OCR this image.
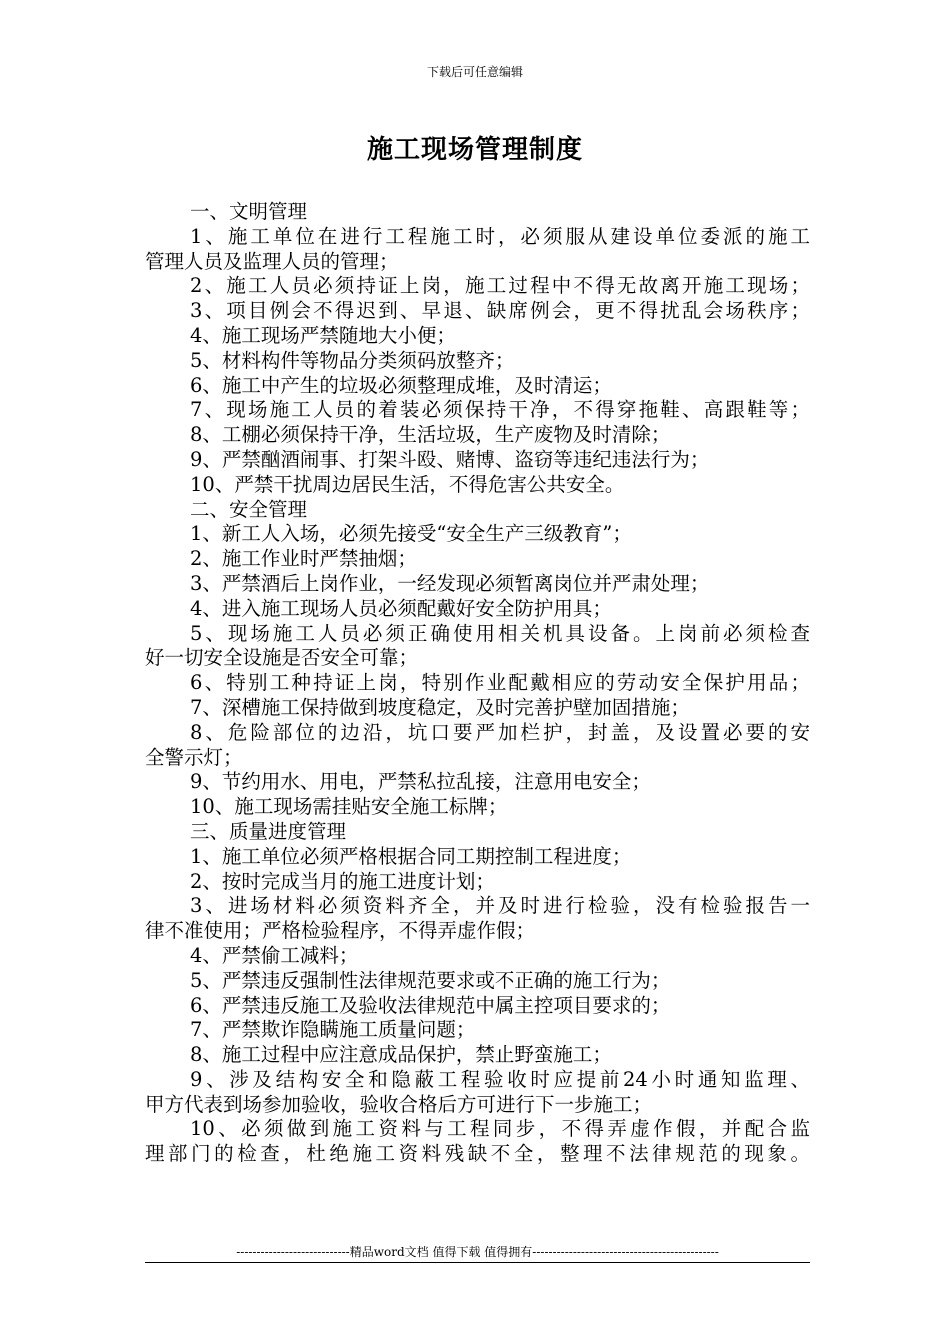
下载后可任意编辑
施工现场管理制度
一、文明管理
1、施工单位在进行工程施工时，必须服从建设单位委派的施工
管理人员及监理人员的管理；
2、施工人员必须持证上岗，施工过程中不得无故离开施工现场；
3、项目例会不得迟到、早退、缺席例会，更不得扰乱会场秩序；
4、施工现场严禁随地大小便；
5、材料构件等物品分类须码放整齐；
6、施工中产生的垃圾必须整理成堆，及时清运；
7、现场施工人员的着装必须保持干净，不得穿拖鞋、高跟鞋等；
8、工棚必须保持干净，生活垃圾，生产废物及时清除；
9、严禁酗酒闹事、打架斗殴、赌博、盗窃等违纪违法行为；
10、严禁干扰周边居民生活，不得危害公共安全。
二、安全管理
1、新工人入场，必须先接受“安全生产三级教育”；
2、施工作业时严禁抽烟；
3、严禁酒后上岗作业，一经发现必须暂离岗位并严肃处理；
4、进入施工现场人员必须配戴好安全防护用具；
5、现场施工人员必须正确使用相关机具设备。上岗前必须检查
好一切安全设施是否安全可靠；
6、特别工种持证上岗，特别作业配戴相应的劳动安全保护用品；
7、深槽施工保持做到坡度稳定，及时完善护壁加固措施；
8、危险部位的边沿，坑口要严加栏护，封盖，及设置必要的安
全警示灯；
9、节约用水、用电，严禁私拉乱接，注意用电安全；
10、施工现场需挂贴安全施工标牌；
三、质量进度管理
1、施工单位必须严格根据合同工期控制工程进度；
2、按时完成当月的施工进度计划；
3、进场材料必须资料齐全，并及时进行检验，没有检验报告一
律不准使用；严格检验程序，不得弄虚作假；
4、严禁偷工减料；
5、严禁违反强制性法律规范要求或不正确的施工行为；
6、严禁违反施工及验收法律规范中属主控项目要求的；
7、严禁欺诈隐瞒施工质量问题；
8、施工过程中应注意成品保护，禁止野蛮施工；
9、涉及结构安全和隐蔽工程验收时应提前24小时通知监理、
甲方代表到场参加验收，验收合格后方可进行下一步施工；
10、必须做到施工资料与工程同步，不得弄虚作假，并配合监
理部门的检查，杜绝施工资料残缺不全，整理不法律规范的现象。
----------------------------精品word文档 值得下载 值得拥有----------------------------------------------
